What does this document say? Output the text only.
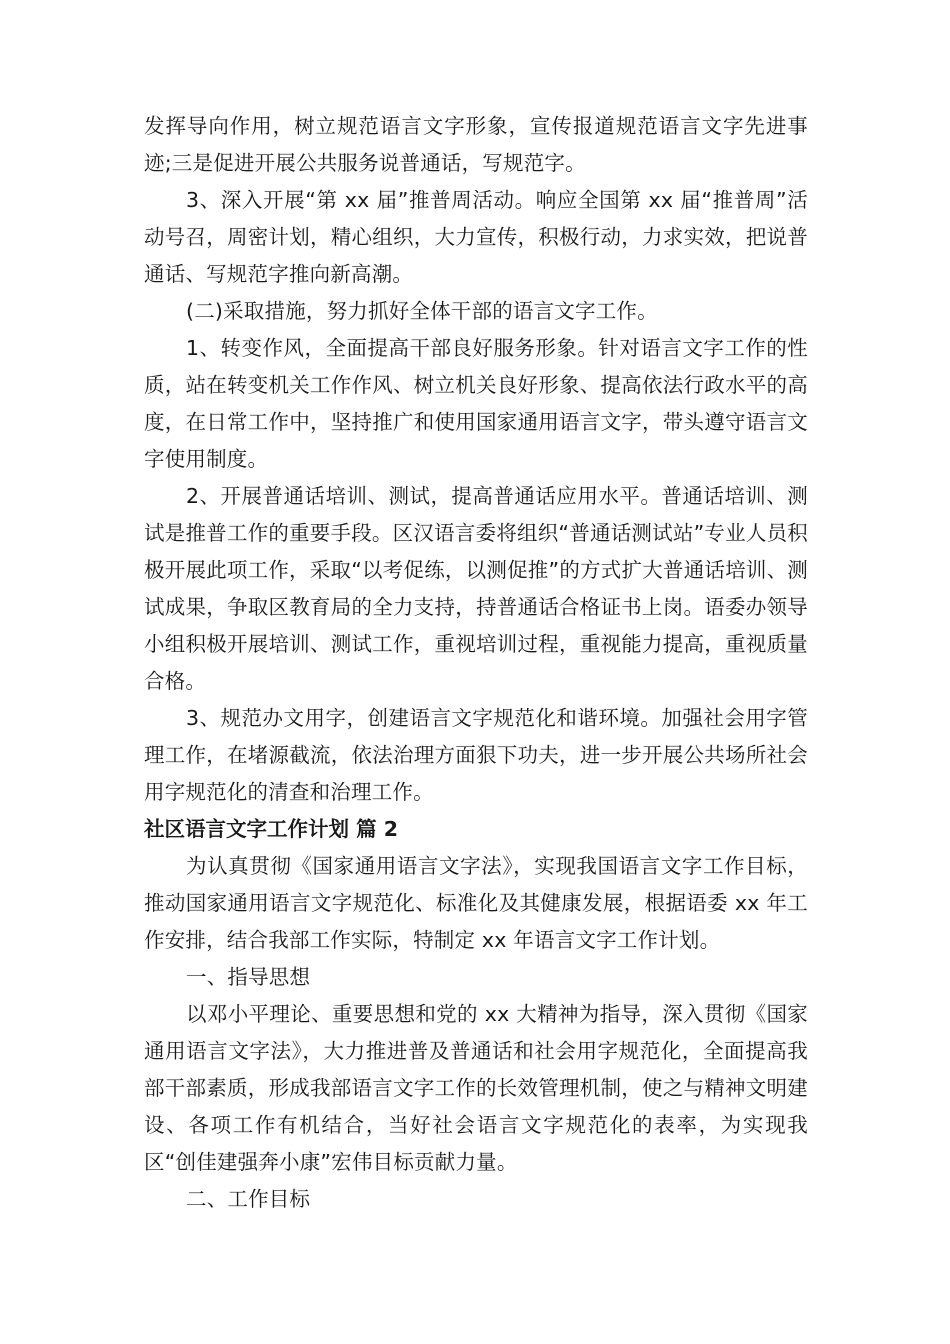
发挥导向作用，树立规范语言文字形象，宣传报道规范语言文字先进事迹;三是促进开展公共服务说普通话，写规范字。

3、深入开展“第 xx 届”推普周活动。响应全国第 xx 届“推普周”活动号召，周密计划，精心组织，大力宣传，积极行动，力求实效，把说普通话、写规范字推向新高潮。

(二)采取措施，努力抓好全体干部的语言文字工作。

1、转变作风，全面提高干部良好服务形象。针对语言文字工作的性质，站在转变机关工作作风、树立机关良好形象、提高依法行政水平的高度，在日常工作中，坚持推广和使用国家通用语言文字，带头遵守语言文字使用制度。

2、开展普通话培训、测试，提高普通话应用水平。普通话培训、测试是推普工作的重要手段。区汉语言委将组织“普通话测试站”专业人员积极开展此项工作，采取“以考促练，以测促推”的方式扩大普通话培训、测试成果，争取区教育局的全力支持，持普通话合格证书上岗。语委办领导小组积极开展培训、测试工作，重视培训过程，重视能力提高，重视质量合格。

3、规范办文用字，创建语言文字规范化和谐环境。加强社会用字管理工作，在堵源截流，依法治理方面狠下功夫，进一步开展公共场所社会用字规范化的清查和治理工作。

社区语言文字工作计划 篇 2

为认真贯彻《国家通用语言文字法》，实现我国语言文字工作目标，推动国家通用语言文字规范化、标准化及其健康发展，根据语委 xx 年工作安排，结合我部工作实际，特制定 xx 年语言文字工作计划。

一、指导思想

以邓小平理论、重要思想和党的 xx 大精神为指导，深入贯彻《国家通用语言文字法》，大力推进普及普通话和社会用字规范化，全面提高我部干部素质，形成我部语言文字工作的长效管理机制，使之与精神文明建设、各项工作有机结合，当好社会语言文字规范化的表率，为实现我区“创佳建强奔小康”宏伟目标贡献力量。

二、工作目标
